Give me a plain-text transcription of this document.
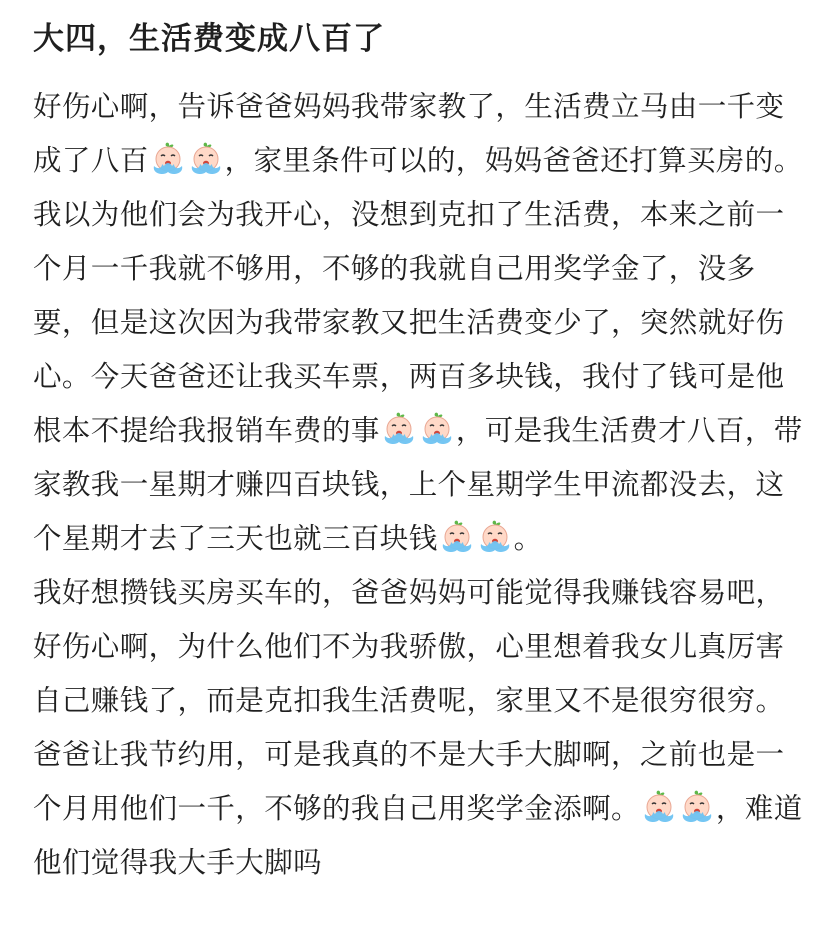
大四，生活费变成八百了

好伤心啊，告诉爸爸妈妈我带家教了，生活费立马由一千变成了八百	，家里条件可以的，妈妈爸爸还打算买房的。我以为他们会为我开心，没想到克扣了生活费，本来之前一个月一千我就不够用，不够的我就自己用奖学金了，没多要，但是这次因为我带家教又把生活费变少了，突然就好伤心。今天爸爸还让我买车票，两百多块钱，我付了钱可是他根本不提给我报销车费的事	，可是我生活费才八百，带家教我一星期才赚四百块钱，上个星期学生甲流都没去，这个星期才去了三天也就三百块钱	。

我好想攒钱买房买车的，爸爸妈妈可能觉得我赚钱容易吧，好伤心啊，为什么他们不为我骄傲，心里想着我女儿真厉害自己赚钱了，而是克扣我生活费呢，家里又不是很穷很穷。

爸爸让我节约用，可是我真的不是大手大脚啊，之前也是一个月用他们一千，不够的我自己用奖学金添啊。	，难道他们觉得我大手大脚吗
